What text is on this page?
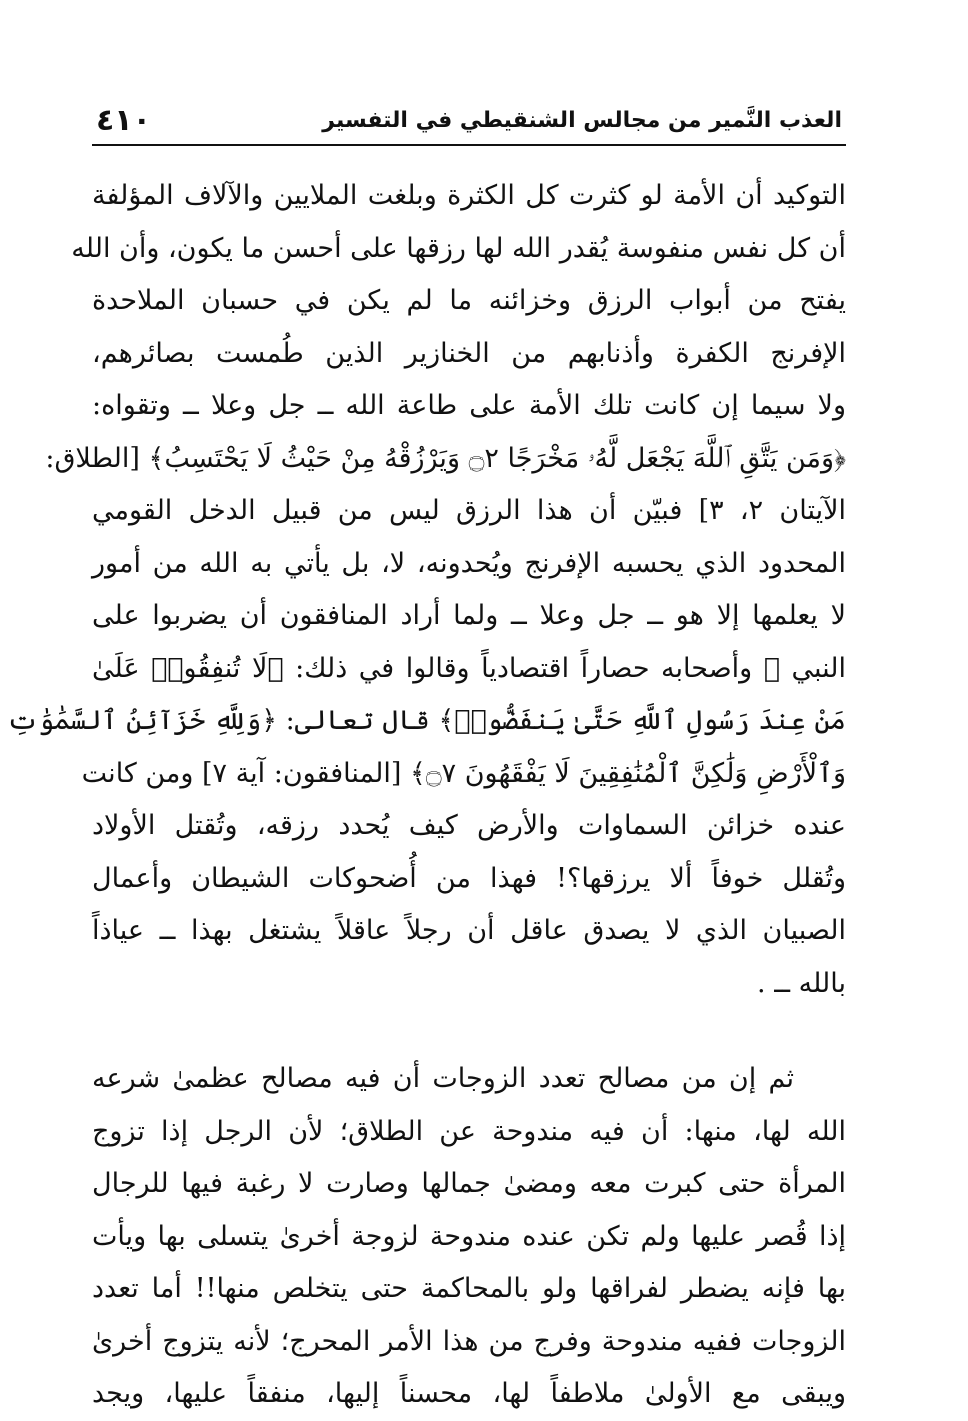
العذب النَّمير من مجالس الشنقيطي في التفسير
٤١٠
التوكيد أن الأمة لو كثرت كل الكثرة وبلغت الملايين والآلاف المؤلفة
أن كل نفس منفوسة يُقدر الله لها رزقها على أحسن ما يكون، وأن الله
يفتح من أبواب الرزق وخزائنه ما لم يكن في حسبان الملاحدة
الإفرنج الكفرة وأذنابهم من الخنازير الذين طُمست بصائرهم،
ولا سيما إن كانت تلك الأمة على طاعة الله ــ جل وعلا ــ وتقواه:
﴿وَمَن يَتَّقِ ٱللَّهَ يَجْعَل لَّهُۥ مَخْرَجًا ۝٢ وَيَرْزُقْهُ مِنْ حَيْثُ لَا يَحْتَسِبُ﴾ [الطلاق:
الآيتان ٢، ٣] فبيّن أن هذا الرزق ليس من قبيل الدخل القومي
المحدود الذي يحسبه الإفرنج ويُحدونه، لا، بل يأتي به الله من أمور
لا يعلمها إلا هو ــ جل وعلا ــ ولما أراد المنافقون أن يضربوا على
النبي ﷺ وأصحابه حصاراً اقتصادياً وقالوا في ذلك: ﴿لَا تُنفِقُوا۟ عَلَىٰ
مَنْ عِندَ رَسُولِ ٱللَّهِ حَتَّىٰ يَنفَضُّوا۟﴾ قال تعالى: ﴿وَلِلَّهِ خَزَآئِنُ ٱلسَّمَٰوَٰتِ
وَٱلْأَرْضِ وَلَٰكِنَّ ٱلْمُنَٰفِقِينَ لَا يَفْقَهُونَ ۝٧﴾ [المنافقون: آية ٧] ومن كانت
عنده خزائن السماوات والأرض كيف يُحدد رزقه، وتُقتل الأولاد
وتُقلل خوفاً ألا يرزقها؟! فهذا من أُضحوكات الشيطان وأعمال
الصبيان الذي لا يصدق عاقل أن رجلاً عاقلاً يشتغل بهذا ــ عياذاً
بالله ــ .
ثم إن من مصالح تعدد الزوجات أن فيه مصالح عظمىٰ شرعه
الله لها، منها: أن فيه مندوحة عن الطلاق؛ لأن الرجل إذا تزوج
المرأة حتى كبرت معه ومضىٰ جمالها وصارت لا رغبة فيها للرجال
إذا قُصر عليها ولم تكن عنده مندوحة لزوجة أخرىٰ يتسلى بها ويأت
بها فإنه يضطر لفراقها ولو بالمحاكمة حتى يتخلص منها!! أما تعدد
الزوجات ففيه مندوحة وفرج من هذا الأمر المحرج؛ لأنه يتزوج أخرىٰ
ويبقى مع الأولىٰ ملاطفاً لها، محسناً إليها، منفقاً عليها، ويجد
